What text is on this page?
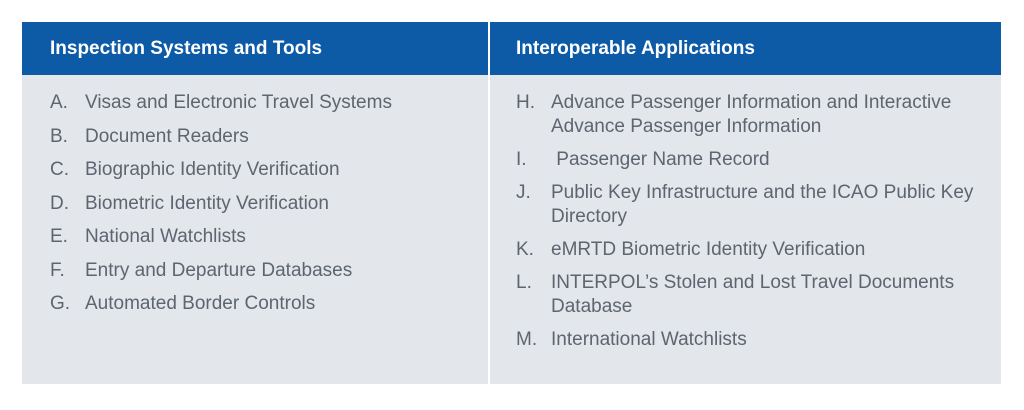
Inspection Systems and Tools
A. Visas and Electronic Travel Systems
B. Document Readers
C. Biographic Identity Verification
D. Biometric Identity Verification
E. National Watchlists
F.	Entry and Departure Databases
G. Automated Border Controls
Interoperable Applications
H. Advance Passenger Information and Interactive Advance Passenger Information
I.	Passenger Name Record
J.	Public Key Infrastructure and the ICAO Public Key Directory
K. eMRTD Biometric Identity Verification
L.	INTERPOL’s Stolen and Lost Travel Documents Database
M. International Watchlists
